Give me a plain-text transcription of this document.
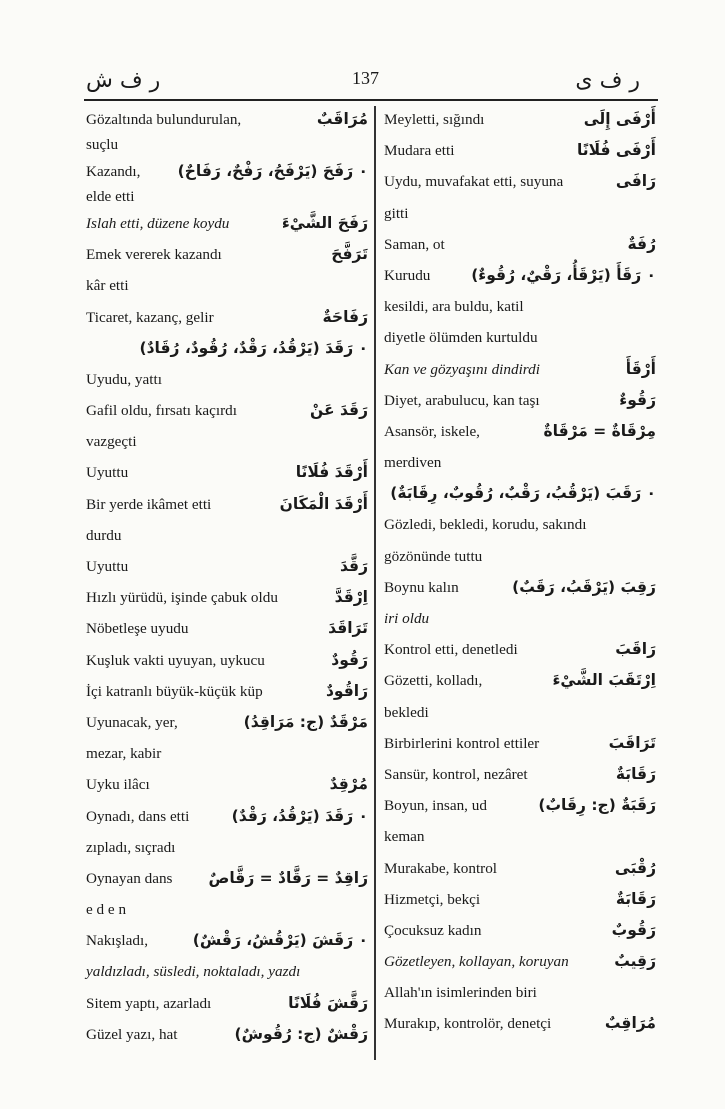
ر ف ش	137	ر ف ى
Gözaltında bulundurulan,	مُرَاقَبٌ
suçlu
Kazandı, ۰ رَفَحَ (يَرْفَحُ، رَفْحٌ، رَفَاحٌ)
elde etti
Islah etti, düzene koydu	رَفَحَ الشَّيْءَ
Emek vererek kazandı	تَرَفَّحَ
kâr etti
Ticaret, kazanç, gelir	رَفَاحَةٌ
۰ رَقَدَ (يَرْقُدُ، رَقْدٌ، رُقُودٌ، رُقَادٌ)
Uyudu, yattı
Gafil oldu, fırsatı kaçırdı	رَقَدَ عَنْ
vazgeçti
Uyuttu	أَرْقَدَ فُلَانًا
Bir yerde ikâmet etti	أَرْقَدَ الْمَكَانَ
durdu
Uyuttu	رَقَّدَ
Hızlı yürüdü, işinde çabuk oldu	اِرْقَدَّ
Nöbetleşe uyudu	تَرَاقَدَ
Kuşluk vakti uyuyan, uykucu	رَقُودٌ
İçi katranlı büyük-küçük küp	رَاقُودٌ
Uyunacak, yer,	مَرْقَدٌ (ج: مَرَاقِدُ)
mezar, kabir
Uyku ilâcı	مُرْقِدٌ
Oynadı, dans etti	۰ رَقَدَ (يَرْقُدُ، رَقْدٌ)
zıpladı, sıçradı
Oynayan dans رَاقِدٌ = رَقَّادٌ = رَقَّاصٌ
e d e n
Nakışladı,	۰ رَقَشَ (يَرْقُشُ، رَقْشٌ)
yaldızladı, süsledi, noktaladı, yazdı
Sitem yaptı, azarladı	رَقَّشَ فُلَانًا
Güzel yazı, hat	رَقْشٌ (ج: رُقُوشٌ)
Meyletti, sığındı	أَرْفَى إِلَى
Mudara etti	أَرْفَى فُلَانًا
Uydu, muvafakat etti, suyuna	رَافَى
gitti
Saman, ot	رُفَةٌ
Kurudu	۰ رَقَأَ (يَرْقَأُ، رَقْيٌ، رُقُوءٌ)
kesildi, ara buldu, katil
diyetle ölümden kurtuldu
Kan ve gözyaşını dindirdi	أَرْقَأَ
Diyet, arabulucu, kan taşı	رَقُوءٌ
Asansör, iskele,	مِرْقَاةٌ = مَرْقَاةٌ
merdiven
۰ رَقَبَ (يَرْقُبُ، رَقْبٌ، رُقُوبٌ، رِقَابَةٌ)
Gözledi, bekledi, korudu, sakındı
gözönünde tuttu
Boynu kalın	رَقِبَ (يَرْقَبُ، رَقَبٌ)
iri oldu
Kontrol etti, denetledi	رَاقَبَ
Gözetti, kolladı,	اِرْتَقَبَ الشَّيْءَ
bekledi
Birbirlerini kontrol ettiler	تَرَاقَبَ
Sansür, kontrol, nezâret	رَقَابَةٌ
Boyun, insan, ud	رَقَبَةٌ (ج: رِقَابٌ)
keman
Murakabe, kontrol	رُقْبَى
Hizmetçi, bekçi	رَقَابَةٌ
Çocuksuz kadın	رَقُوبٌ
Gözetleyen, kollayan, koruyan	رَقِيبٌ
Allah'ın isimlerinden biri
Murakıp, kontrolör, denetçi	مُرَاقِبٌ
